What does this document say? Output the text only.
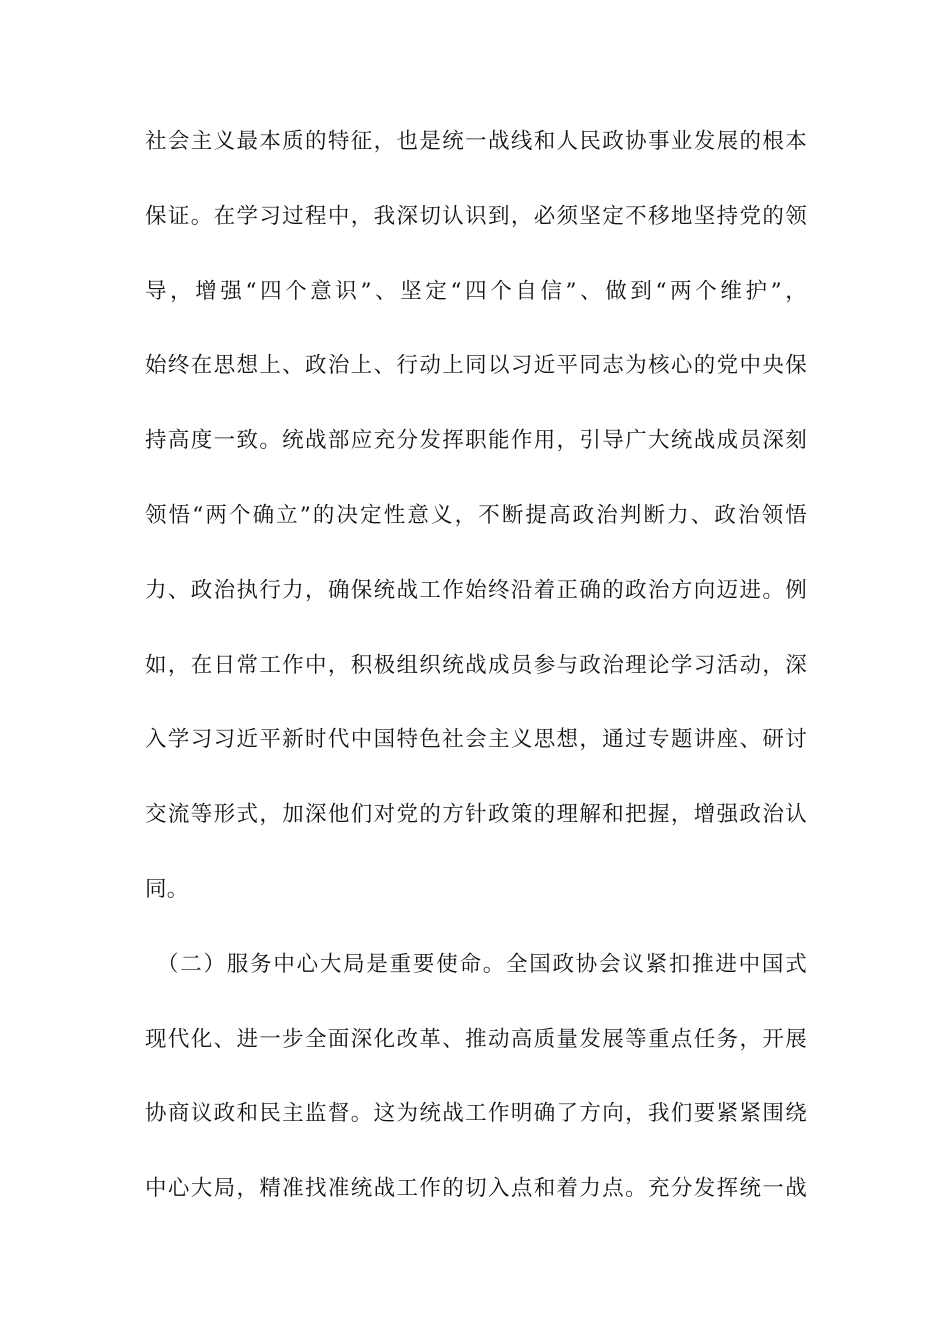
社会主义最本质的特征，也是统一战线和人民政协事业发展的根本
保证。在学习过程中，我深切认识到，必须坚定不移地坚持党的领
导，增强“四个意识”、坚定“四个自信”、做到“两个维护”，
始终在思想上、政治上、行动上同以习近平同志为核心的党中央保
持高度一致。统战部应充分发挥职能作用，引导广大统战成员深刻
领悟“两个确立”的决定性意义，不断提高政治判断力、政治领悟
力、政治执行力，确保统战工作始终沿着正确的政治方向迈进。例
如，在日常工作中，积极组织统战成员参与政治理论学习活动，深
入学习习近平新时代中国特色社会主义思想，通过专题讲座、研讨
交流等形式，加深他们对党的方针政策的理解和把握，增强政治认
同。
（二）服务中心大局是重要使命。全国政协会议紧扣推进中国式
现代化、进一步全面深化改革、推动高质量发展等重点任务，开展
协商议政和民主监督。这为统战工作明确了方向，我们要紧紧围绕
中心大局，精准找准统战工作的切入点和着力点。充分发挥统一战
